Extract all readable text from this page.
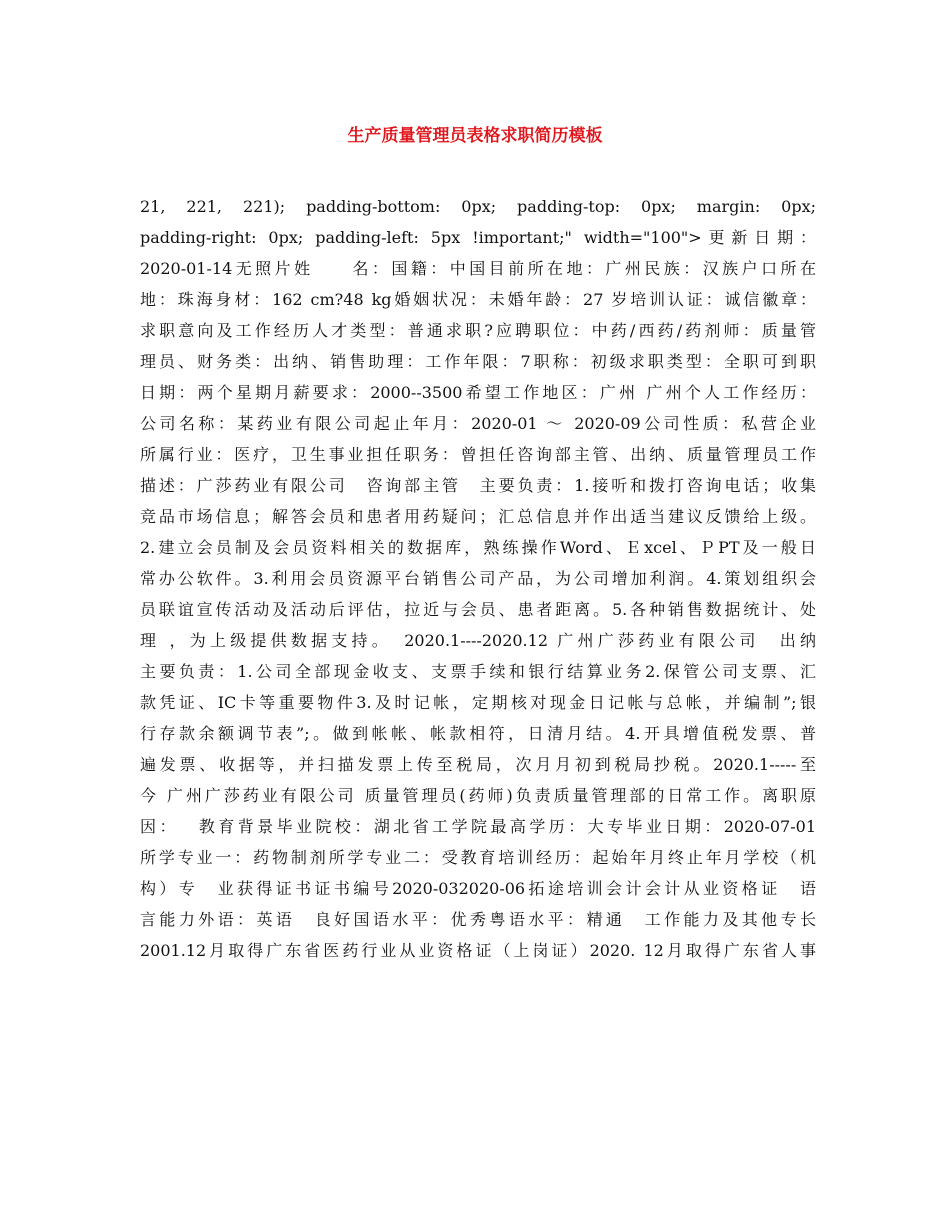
生产质量管理员表格求职简历模板
21, 221, 221); padding-bottom: 0px; padding-top: 0px; margin: 0px;
padding-right: 0px; padding-left: 5px !important;" width="100">更新日期：
2020-01-14无照片姓　　名：国籍：中国目前所在地：广州民族：汉族户口所在
地：珠海身材：162 cm?48 kg婚姻状况：未婚年龄：27 岁培训认证：诚信徽章：
求职意向及工作经历人才类型：普通求职?应聘职位：中药/西药/药剂师：质量管
理员、财务类：出纳、销售助理：工作年限：7职称：初级求职类型：全职可到职
日期：两个星期月薪要求：2000--3500希望工作地区：广州 广州个人工作经历：
公司名称：某药业有限公司起止年月：2020-01 ～ 2020-09公司性质：私营企业
所属行业：医疗，卫生事业担任职务：曾担任咨询部主管、出纳、质量管理员工作
描述：广莎药业有限公司　咨询部主管　主要负责：1.接听和拨打咨询电话；收集
竞品市场信息；解答会员和患者用药疑问；汇总信息并作出适当建议反馈给上级。
2.建立会员制及会员资料相关的数据库，熟练操作Word、Ｅxcel、ＰPT及一般日
常办公软件。3.利用会员资源平台销售公司产品，为公司增加利润。4.策划组织会
员联谊宣传活动及活动后评估，拉近与会员、患者距离。5.各种销售数据统计、处
理 ，为上级提供数据支持。　2020.1----2020.12 广州广莎药业有限公司　出纳
主要负责：1.公司全部现金收支、支票手续和银行结算业务2.保管公司支票、汇
款凭证、IC卡等重要物件3.及时记帐，定期核对现金日记帐与总帐，并编制”;银
行存款余额调节表”;。做到帐帐、帐款相符，日清月结。4.开具增值税发票、普
遍发票、收据等，并扫描发票上传至税局，次月月初到税局抄税。2020.1-----至
今 广州广莎药业有限公司 质量管理员(药师)负责质量管理部的日常工作。离职原
因：　 教育背景毕业院校：湖北省工学院最高学历：大专毕业日期：2020-07-01
所学专业一：药物制剂所学专业二：受教育培训经历：起始年月终止年月学校（机
构）专　业获得证书证书编号2020-032020-06拓途培训会计会计从业资格证　语
言能力外语：英语　良好国语水平：优秀粤语水平：精通　工作能力及其他专长
2001.12月取得广东省医药行业从业资格证（上岗证）2020. 12月取得广东省人事
